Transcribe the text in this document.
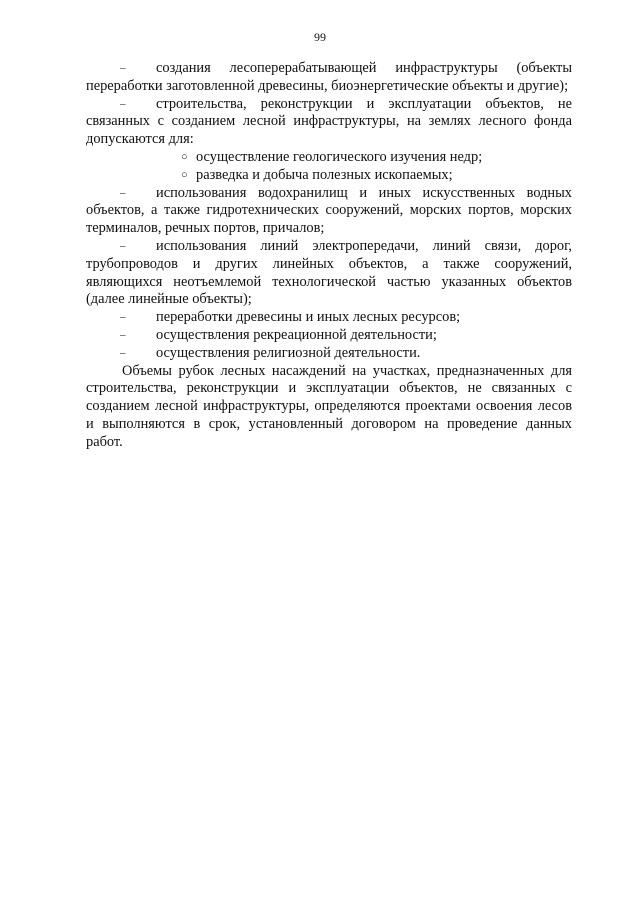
99

– создания лесоперерабатывающей инфраструктуры (объекты переработки заготовленной древесины, биоэнергетические объекты и другие);

– строительства, реконструкции и эксплуатации объектов, не связанных с созданием лесной инфраструктуры, на землях лесного фонда допускаются для:

○ осуществление геологического изучения недр;

○ разведка и добыча полезных ископаемых;

– использования водохранилищ и иных искусственных водных объектов, а также гидротехнических сооружений, морских портов, морских терминалов, речных портов, причалов;

– использования линий электропередачи, линий связи, дорог, трубопроводов и других линейных объектов, а также сооружений, являющихся неотъемлемой технологической частью указанных объектов (далее линейные объекты);

– переработки древесины и иных лесных ресурсов;

– осуществления рекреационной деятельности;

– осуществления религиозной деятельности.

Объемы рубок лесных насаждений на участках, предназначенных для строительства, реконструкции и эксплуатации объектов, не связанных с созданием лесной инфраструктуры, определяются проектами освоения лесов и выполняются в срок, установленный договором на проведение данных работ.
